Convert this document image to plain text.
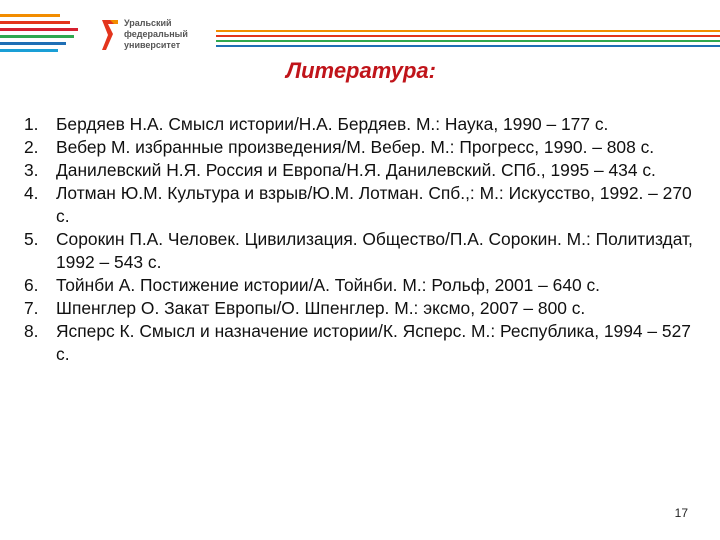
Уральский
федеральный
университет
Литература:
1.	Бердяев Н.А. Смысл истории/Н.А. Бердяев. М.: Наука, 1990 – 177 с.
2.	Вебер М. избранные произведения/М. Вебер. М.: Прогресс, 1990. – 808 с.
3.	Данилевский Н.Я. Россия и Европа/Н.Я. Данилевский. СПб., 1995 – 434 с.
4.	Лотман Ю.М. Культура и взрыв/Ю.М. Лотман. Спб.,: М.: Искусство, 1992. – 270 с.
5.	Сорокин П.А. Человек. Цивилизация. Общество/П.А. Сорокин. М.: Политиздат, 1992 – 543 с.
6.	Тойнби А. Постижение истории/А. Тойнби. М.: Рольф, 2001 – 640 с.
7.	Шпенглер О. Закат Европы/О. Шпенглер. М.: эксмо, 2007 – 800 с.
8.	Ясперс К. Смысл и назначение истории/К. Ясперс. М.: Республика, 1994 – 527 с.
17
